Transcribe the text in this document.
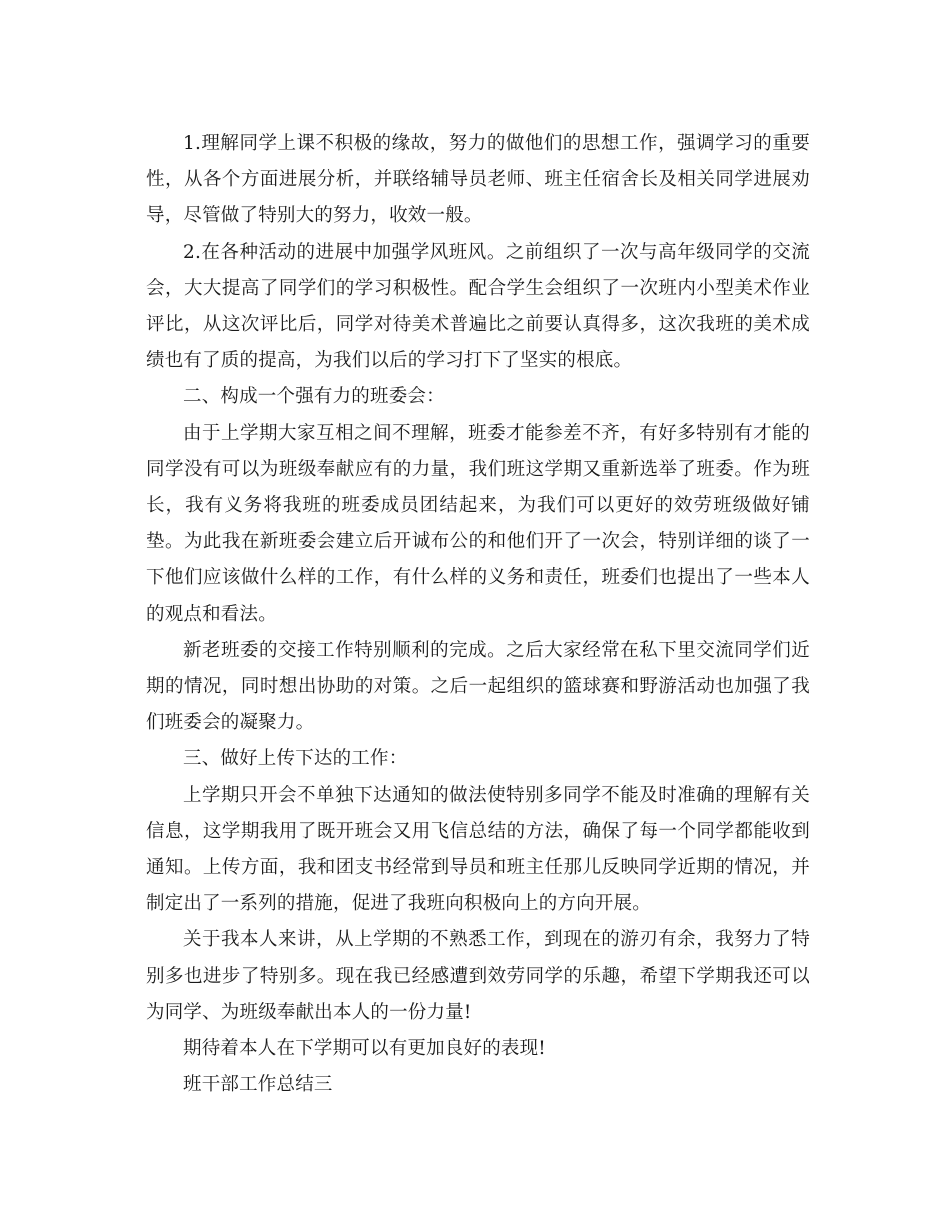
1.理解同学上课不积极的缘故，努力的做他们的思想工作，强调学习的重要性，从各个方面进展分析，并联络辅导员老师、班主任宿舍长及相关同学进展劝导，尽管做了特别大的努力，收效一般。

2.在各种活动的进展中加强学风班风。之前组织了一次与高年级同学的交流会，大大提高了同学们的学习积极性。配合学生会组织了一次班内小型美术作业评比，从这次评比后，同学对待美术普遍比之前要认真得多，这次我班的美术成绩也有了质的提高，为我们以后的学习打下了坚实的根底。

二、构成一个强有力的班委会：

由于上学期大家互相之间不理解，班委才能参差不齐，有好多特别有才能的同学没有可以为班级奉献应有的力量，我们班这学期又重新选举了班委。作为班长，我有义务将我班的班委成员团结起来，为我们可以更好的效劳班级做好铺垫。为此我在新班委会建立后开诚布公的和他们开了一次会，特别详细的谈了一下他们应该做什么样的工作，有什么样的义务和责任，班委们也提出了一些本人的观点和看法。

新老班委的交接工作特别顺利的完成。之后大家经常在私下里交流同学们近期的情况，同时想出协助的对策。之后一起组织的篮球赛和野游活动也加强了我们班委会的凝聚力。

三、做好上传下达的工作：

上学期只开会不单独下达通知的做法使特别多同学不能及时准确的理解有关信息，这学期我用了既开班会又用飞信总结的方法，确保了每一个同学都能收到通知。上传方面，我和团支书经常到导员和班主任那儿反映同学近期的情况，并制定出了一系列的措施，促进了我班向积极向上的方向开展。

关于我本人来讲，从上学期的不熟悉工作，到现在的游刃有余，我努力了特别多也进步了特别多。现在我已经感遭到效劳同学的乐趣，希望下学期我还可以为同学、为班级奉献出本人的一份力量!

期待着本人在下学期可以有更加良好的表现!

班干部工作总结三
